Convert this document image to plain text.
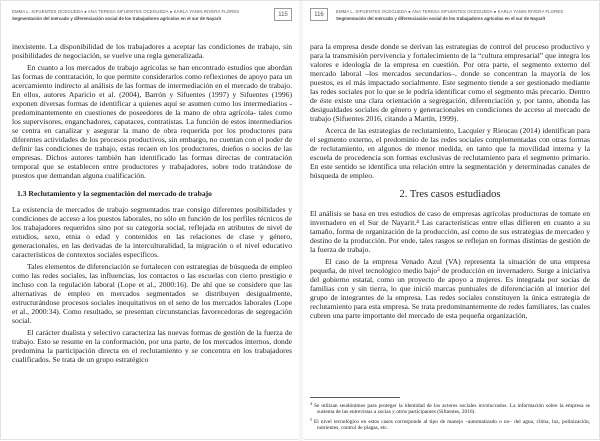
EMMA L. SIFUENTES OCEGUEDA ● ANA TERESA SIFUENTES OCEGUEDA ● KARLA YANIN RIVERA FLORES
Segmentación del mercado y diferenciación social de los trabajadores agrícolas en el sur de Nayarit
115

inexistente. La disponibilidad de los trabajadores a aceptar las condiciones de trabajo, sin posibilidades de negociación, se vuelve una regla generalizada.

En cuanto a los mercados de trabajo agrícolas se han encontrado estudios que abordan las formas de contratación, lo que permite considerarlos como reflexiones de apoyo para un acercamiento indirecto al análisis de las formas de intermediación en el mercado de trabajo. En ellos, autores Aparicio et al. (2004), Barrón y Sifuentes (1997) y Sifuentes (1996) exponen diversas formas de identificar a quienes aquí se asumen como los intermediarios -predominantemente en cuestiones de poseedores de la mano de obra agrícola- tales como los supervisores, enganchadores, capataces, contratistas. La función de estos intermediarios se centra en canalizar y asegurar la mano de obra requerida por los productores para diferentes actividades de los procesos productivos, sin embargo, no cuentan con el poder de definir las condiciones de trabajo, estas recaen en los productores, dueños o socios de las empresas. Dichos autores también han identificado las formas directas de contratación temporal que se establecen entre productores y trabajadores, sobre todo tratándose de puestos que demandan alguna cualificación.

1.3 Reclutamiento y la segmentación del mercado de trabajo

La existencia de mercados de trabajo segmentados trae consigo diferentes posibilidades y condiciones de acceso a los puestos laborales, no sólo en función de los perfiles técnicos de los trabajadores requeridos sino por su categoría social, reflejada en atributos de nivel de estudios, sexo, etnia o edad y contenidos en las relaciones de clase y género, generacionales, en las derivadas de la interculturalidad, la migración o el nivel educativo característicos de contextos sociales específicos.

Tales elementos de diferenciación se fortalecen con estrategias de búsqueda de empleo como las redes sociales, las influencias, los contactos o las escuelas con cierto prestigio e incluso con la regulación laboral (Lope et al., 2000:16). De ahí que se considere que las alternativas de empleo en mercados segmentados se distribuyen desigualmente, estructurándose procesos sociales inequitativos en el seno de los mercados laborales (Lope et al., 2000:34). Como resultado, se presentan circunstancias favorecedoras de segregación social.

El carácter dualista y selectivo caracteriza las nuevas formas de gestión de la fuerza de trabajo. Esto se resume en la conformación, por una parte, de los mercados internos, donde predomina la participación directa en el reclutamiento y se concentra en los trabajadores cualificados. Se trata de un grupo estratégico

116	EMMA L. SIFUENTES OCEGUEDA ● ANA TERESA SIFUENTES OCEGUEDA ● KARLA YANIN RIVERA FLORES
Segmentación del mercado y diferenciación social de los trabajadores agrícolas en el sur de Nayarit

para la empresa desde donde se derivan las estrategias de control del proceso productivo y para la transmisión pervivencia y fortalecimiento de la “cultura empresarial” que integra los valores e ideología de la empresa en cuestión. Por otra parte, el segmento externo del mercado laboral –los mercados secundarios–, donde se concentran la mayoría de los puestos, es el más impactado socialmente. Este segmento tiende a ser gestionado mediante las redes sociales por lo que se le podría identificar como el segmento más precario. Dentro de éste existe una clara orientación a segregación, diferenciación y, por tanto, ahonda las desigualdades sociales de género y generacionales en condiciones de acceso al mercado de trabajo (Sifuentes 2016, citando a Martín, 1999).

Acerca de las estrategias de reclutamiento, Lacquier y Rieucau (2014) identifican para el segmento externo, el predominio de las redes sociales complementadas con otras formas de reclutamiento, en algunos de menor medida, en tanto que la movilidad interna y la escuela de procedencia son formas exclusivas de reclutamiento para el segmento primario. En este sentido se identifica una relación entre la segmentación y determinadas canales de búsqueda de empleo.

2. Tres casos estudiados

El análisis se basa en tres estudios de caso de empresas agrícolas productoras de tomate en invernadero en el Sur de Nayarit.⁴ Las características entre ellas difieren en cuanto a su tamaño, forma de organización de la producción, así como de sus estrategias de mercadeo y destino de la producción. Por ende, tales rasgos se reflejan en formas distintas de gestión de la fuerza de trabajo.

El caso de la empresa Venado Azul (VA) representa la situación de una empresa pequeña, de nivel tecnológico medio bajo⁵ de producción en invernadero. Surge a iniciativa del gobierno estatal, como un proyecto de apoyo a mujeres. Es integrada por socias de familias con y sin tierra, lo que inició marcas puntuales de diferenciación al interior del grupo de integrantes de la empresa. Las redes sociales constituyen la única estrategia de reclutamiento para esta empresa. Se trata predominantemente de redes familiares, las cuales cubren una parte importante del mercado de esta pequeña organización,

$^4$ Se utilizan seudónimos para proteger la identidad de los actores sociales involucrados. La información sobre la empresa se sustenta de las entrevistas a socias y otros participantes (Sifuentes, 2016).

$^5$ El nivel tecnológico en estos casos corresponde al tipo de manejo –automatizado o no– del agua, clima, luz, polinización, nutrientes, control de plagas, etc.
